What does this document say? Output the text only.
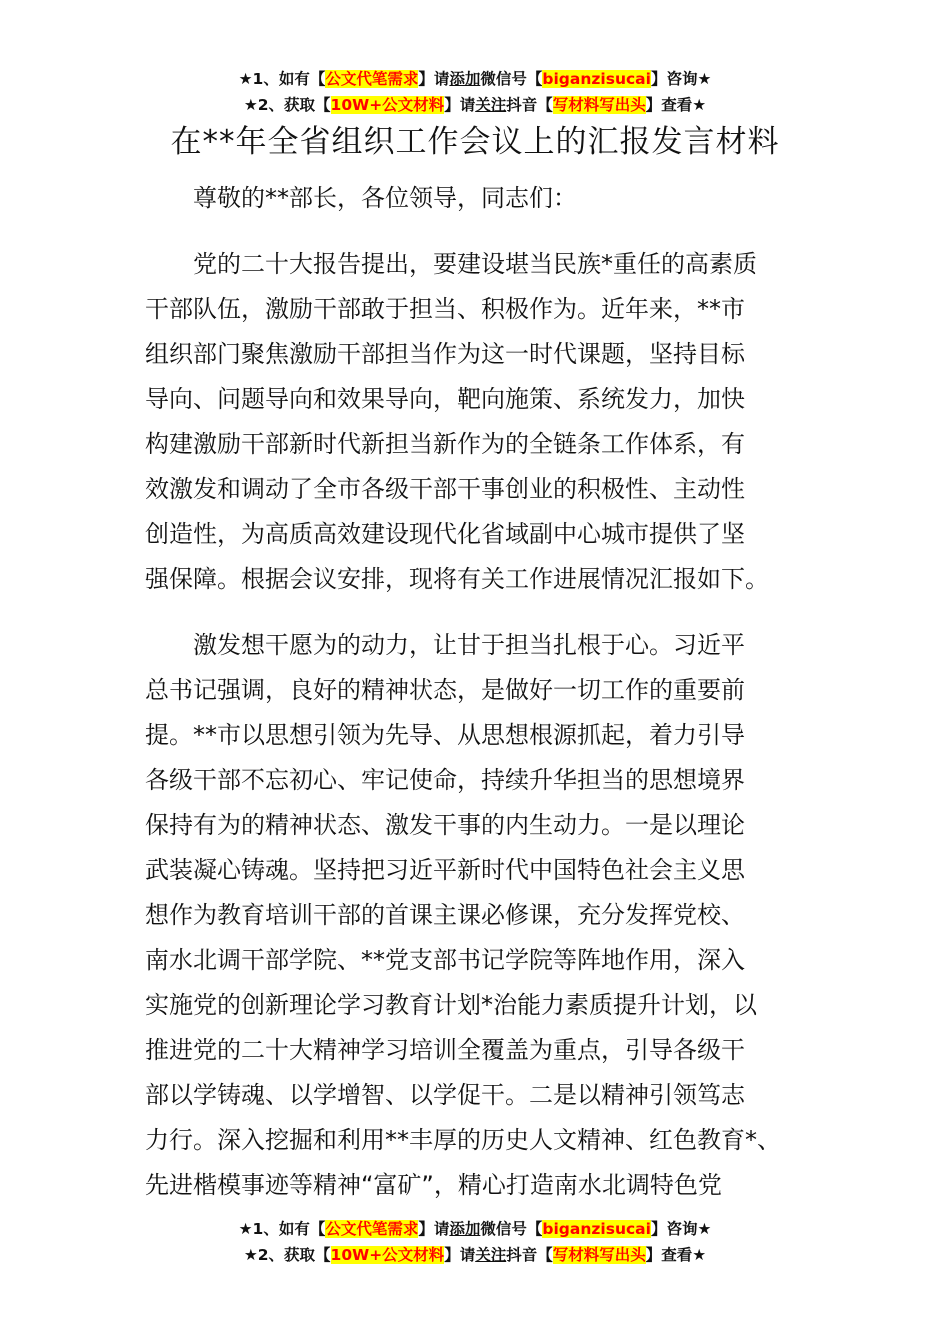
★1、如有【公文代笔需求】请添加微信号【biganzisucai】咨询★
★2、获取【10W+公文材料】请关注抖音【写材料写出头】查看★
在**年全省组织工作会议上的汇报发言材料
尊敬的**部长，各位领导，同志们：
党的二十大报告提出，要建设堪当民族*重任的高素质
干部队伍，激励干部敢于担当、积极作为。近年来，**市
组织部门聚焦激励干部担当作为这一时代课题，坚持目标
导向、问题导向和效果导向，靶向施策、系统发力，加快
构建激励干部新时代新担当新作为的全链条工作体系，有
效激发和调动了全市各级干部干事创业的积极性、主动性
创造性，为高质高效建设现代化省域副中心城市提供了坚
强保障。根据会议安排，现将有关工作进展情况汇报如下。
激发想干愿为的动力，让甘于担当扎根于心。习近平
总书记强调，良好的精神状态，是做好一切工作的重要前
提。**市以思想引领为先导、从思想根源抓起，着力引导
各级干部不忘初心、牢记使命，持续升华担当的思想境界
保持有为的精神状态、激发干事的内生动力。一是以理论
武装凝心铸魂。坚持把习近平新时代中国特色社会主义思
想作为教育培训干部的首课主课必修课，充分发挥党校、
南水北调干部学院、**党支部书记学院等阵地作用，深入
实施党的创新理论学习教育计划*治能力素质提升计划，以
推进党的二十大精神学习培训全覆盖为重点，引导各级干
部以学铸魂、以学增智、以学促干。二是以精神引领笃志
力行。深入挖掘和利用**丰厚的历史人文精神、红色教育*、
先进楷模事迹等精神“富矿”，精心打造南水北调特色党
★1、如有【公文代笔需求】请添加微信号【biganzisucai】咨询★
★2、获取【10W+公文材料】请关注抖音【写材料写出头】查看★
